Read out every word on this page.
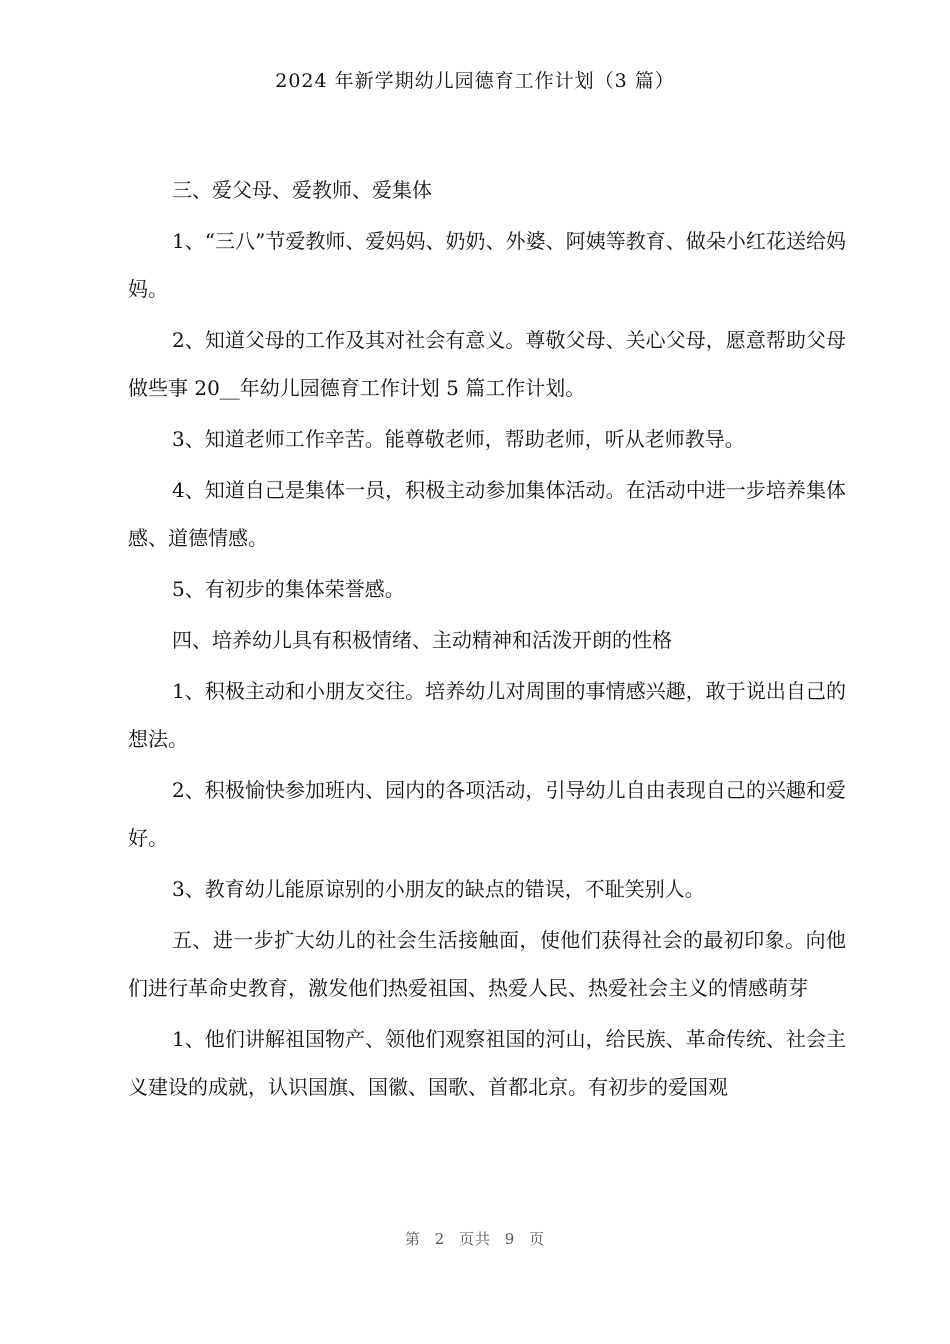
2024 年新学期幼儿园德育工作计划（3 篇）

三、爱父母、爱教师、爱集体

1、“三八”节爱教师、爱妈妈、奶奶、外婆、阿姨等教育、做朵小红花送给妈妈。

2、知道父母的工作及其对社会有意义。尊敬父母、关心父母，愿意帮助父母做些事 20__年幼儿园德育工作计划 5 篇工作计划。

3、知道老师工作辛苦。能尊敬老师，帮助老师，听从老师教导。

4、知道自己是集体一员，积极主动参加集体活动。在活动中进一步培养集体感、道德情感。

5、有初步的集体荣誉感。

四、培养幼儿具有积极情绪、主动精神和活泼开朗的性格

1、积极主动和小朋友交往。培养幼儿对周围的事情感兴趣，敢于说出自己的想法。

2、积极愉快参加班内、园内的各项活动，引导幼儿自由表现自己的兴趣和爱好。

3、教育幼儿能原谅别的小朋友的缺点的错误，不耻笑别人。

五、进一步扩大幼儿的社会生活接触面，使他们获得社会的最初印象。向他们进行革命史教育，激发他们热爱祖国、热爱人民、热爱社会主义的情感萌芽

1、他们讲解祖国物产、领他们观察祖国的河山，给民族、革命传统、社会主义建设的成就，认识国旗、国徽、国歌、首都北京。有初步的爱国观

第 2 页共 9 页
